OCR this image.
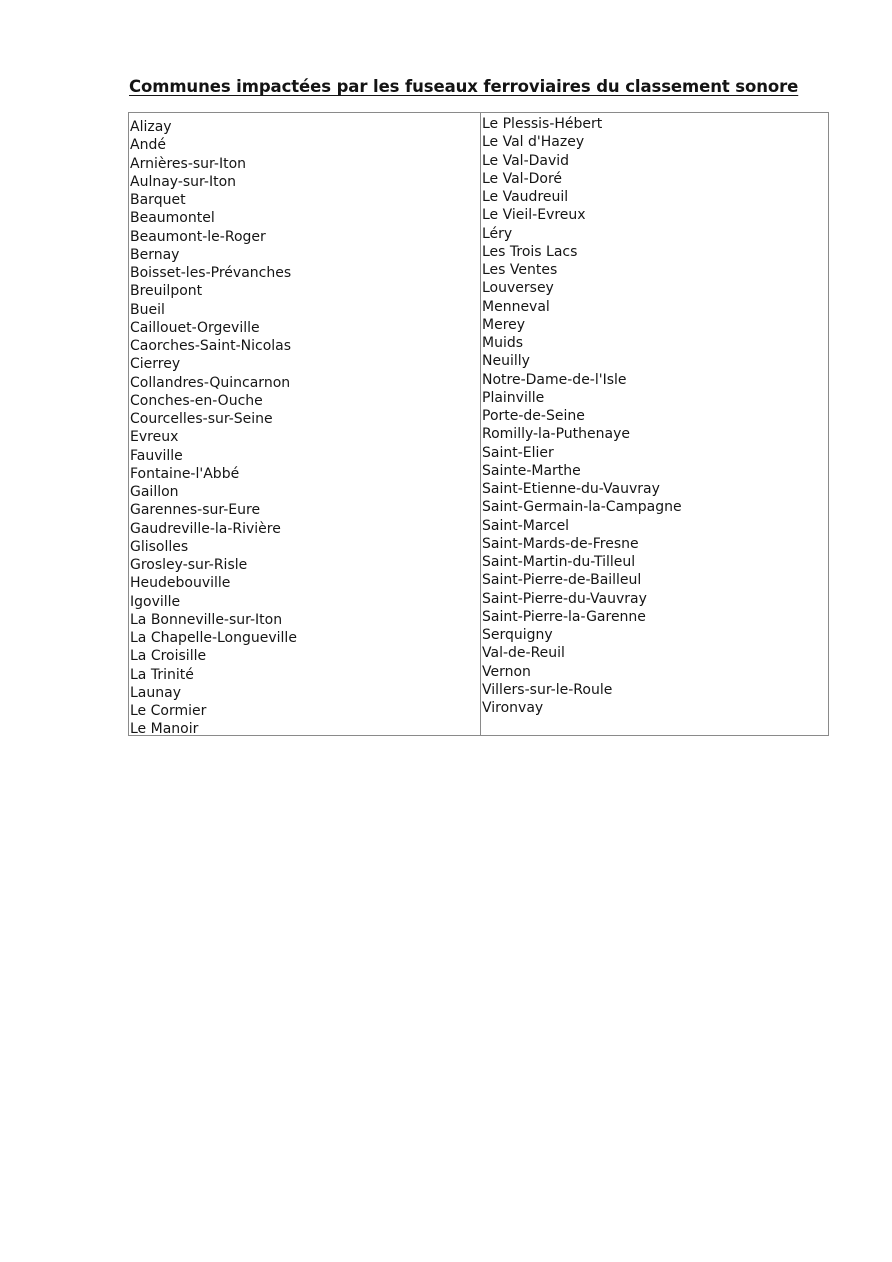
Communes impactées par les fuseaux ferroviaires du classement sonore
Alizay
Andé
Arnières-sur-Iton
Aulnay-sur-Iton
Barquet
Beaumontel
Beaumont-le-Roger
Bernay
Boisset-les-Prévanches
Breuilpont
Bueil
Caillouet-Orgeville
Caorches-Saint-Nicolas
Cierrey
Collandres-Quincarnon
Conches-en-Ouche
Courcelles-sur-Seine
Evreux
Fauville
Fontaine-l'Abbé
Gaillon
Garennes-sur-Eure
Gaudreville-la-Rivière
Glisolles
Grosley-sur-Risle
Heudebouville
Igoville
La Bonneville-sur-Iton
La Chapelle-Longueville
La Croisille
La Trinité
Launay
Le Cormier
Le Manoir
Le Plessis-Hébert
Le Val d'Hazey
Le Val-David
Le Val-Doré
Le Vaudreuil
Le Vieil-Evreux
Léry
Les Trois Lacs
Les Ventes
Louversey
Menneval
Merey
Muids
Neuilly
Notre-Dame-de-l'Isle
Plainville
Porte-de-Seine
Romilly-la-Puthenaye
Saint-Elier
Sainte-Marthe
Saint-Etienne-du-Vauvray
Saint-Germain-la-Campagne
Saint-Marcel
Saint-Mards-de-Fresne
Saint-Martin-du-Tilleul
Saint-Pierre-de-Bailleul
Saint-Pierre-du-Vauvray
Saint-Pierre-la-Garenne
Serquigny
Val-de-Reuil
Vernon
Villers-sur-le-Roule
Vironvay
